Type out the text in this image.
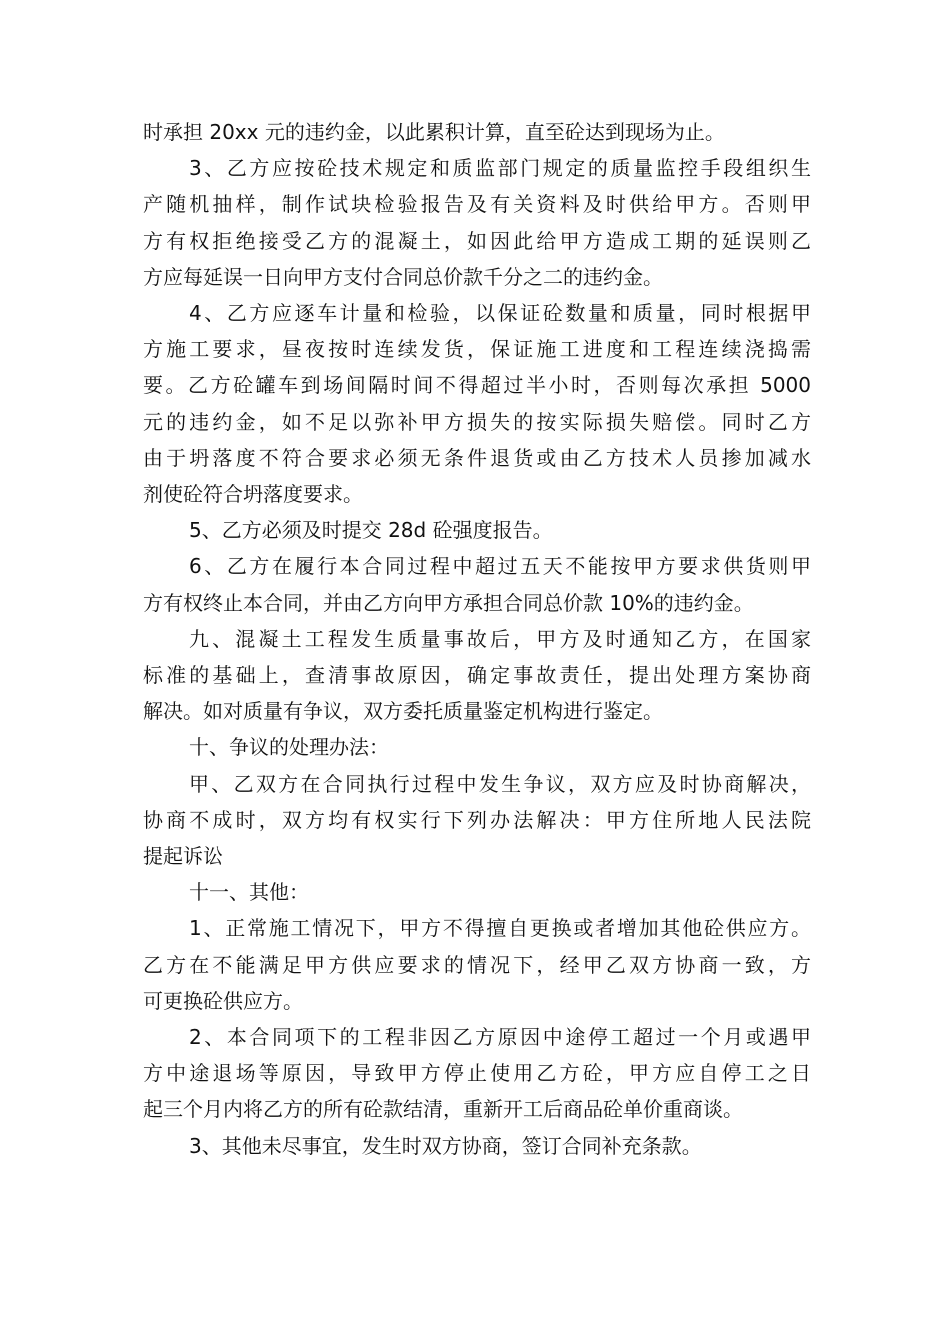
时承担 20xx 元的违约金，以此累积计算，直至砼达到现场为止。

3、乙方应按砼技术规定和质监部门规定的质量监控手段组织生
产随机抽样，制作试块检验报告及有关资料及时供给甲方。否则甲
方有权拒绝接受乙方的混凝土，如因此给甲方造成工期的延误则乙
方应每延误一日向甲方支付合同总价款千分之二的违约金。

4、乙方应逐车计量和检验，以保证砼数量和质量，同时根据甲
方施工要求，昼夜按时连续发货，保证施工进度和工程连续浇捣需
要。乙方砼罐车到场间隔时间不得超过半小时，否则每次承担 5000
元的违约金，如不足以弥补甲方损失的按实际损失赔偿。同时乙方
由于坍落度不符合要求必须无条件退货或由乙方技术人员掺加减水
剂使砼符合坍落度要求。

5、乙方必须及时提交 28d 砼强度报告。

6、乙方在履行本合同过程中超过五天不能按甲方要求供货则甲
方有权终止本合同，并由乙方向甲方承担合同总价款 10%的违约金。

九、混凝土工程发生质量事故后，甲方及时通知乙方，在国家
标准的基础上，查清事故原因，确定事故责任，提出处理方案协商
解决。如对质量有争议，双方委托质量鉴定机构进行鉴定。

十、争议的处理办法：

甲、乙双方在合同执行过程中发生争议，双方应及时协商解决，
协商不成时，双方均有权实行下列办法解决：甲方住所地人民法院
提起诉讼

十一、其他：

1、正常施工情况下，甲方不得擅自更换或者增加其他砼供应方。
乙方在不能满足甲方供应要求的情况下，经甲乙双方协商一致，方
可更换砼供应方。

2、本合同项下的工程非因乙方原因中途停工超过一个月或遇甲
方中途退场等原因，导致甲方停止使用乙方砼，甲方应自停工之日
起三个月内将乙方的所有砼款结清，重新开工后商品砼单价重商谈。

3、其他未尽事宜，发生时双方协商，签订合同补充条款。
